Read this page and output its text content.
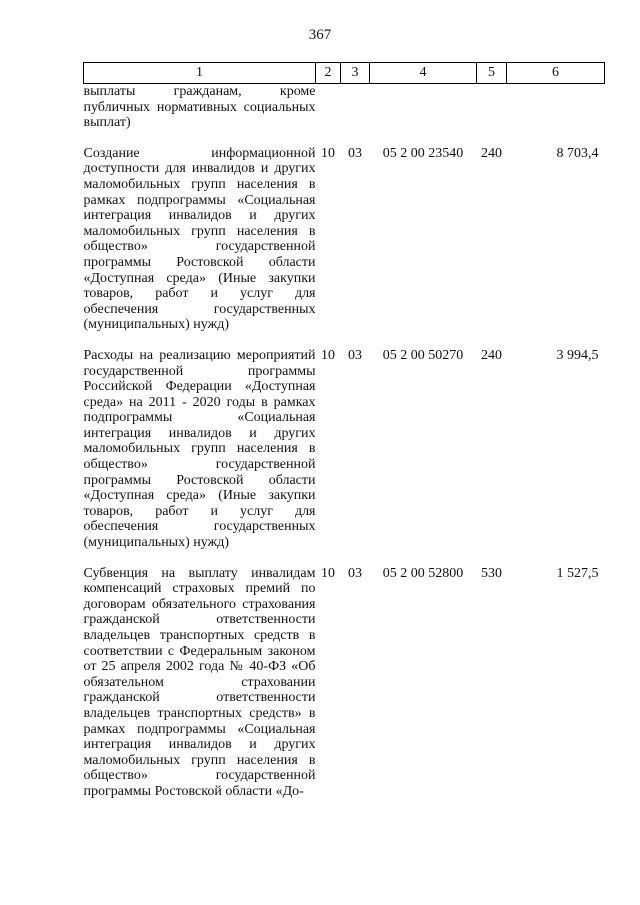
367
1	2	3	4	5	6
выплаты гражданам, кроме публичных нормативных социальных выплат)					

Создание информационной доступности для инвалидов и других маломобильных групп населения в рамках подпрограммы «Социальная интеграция инвалидов и других маломобильных групп населения в общество» государственной программы Ростовской области «Доступная среда» (Иные закупки товаров, работ и услуг для обеспечения государственных (муниципальных) нужд)	10	03	05 2 00 23540	240	8 703,4

Расходы на реализацию мероприятий государственной программы Российской Федерации «Доступная среда» на 2011 - 2020 годы в рамках подпрограммы «Социальная интеграция инвалидов и других маломобильных групп населения в общество» государственной программы Ростовской области «Доступная среда» (Иные закупки товаров, работ и услуг для обеспечения государственных (муниципальных) нужд)	10	03	05 2 00 50270	240	3 994,5

Субвенция на выплату инвалидам компенсаций страховых премий по договорам обязательного страхования гражданской ответственности владельцев транспортных средств в соответствии с Федеральным законом от 25 апреля 2002 года № 40-ФЗ «Об обязательном страховании гражданской ответственности владельцев транспортных средств» в рамках подпрограммы «Социальная интеграция инвалидов и других маломобильных групп населения в общество» государственной программы Ростовской области «До-	10	03	05 2 00 52800	530	1 527,5
